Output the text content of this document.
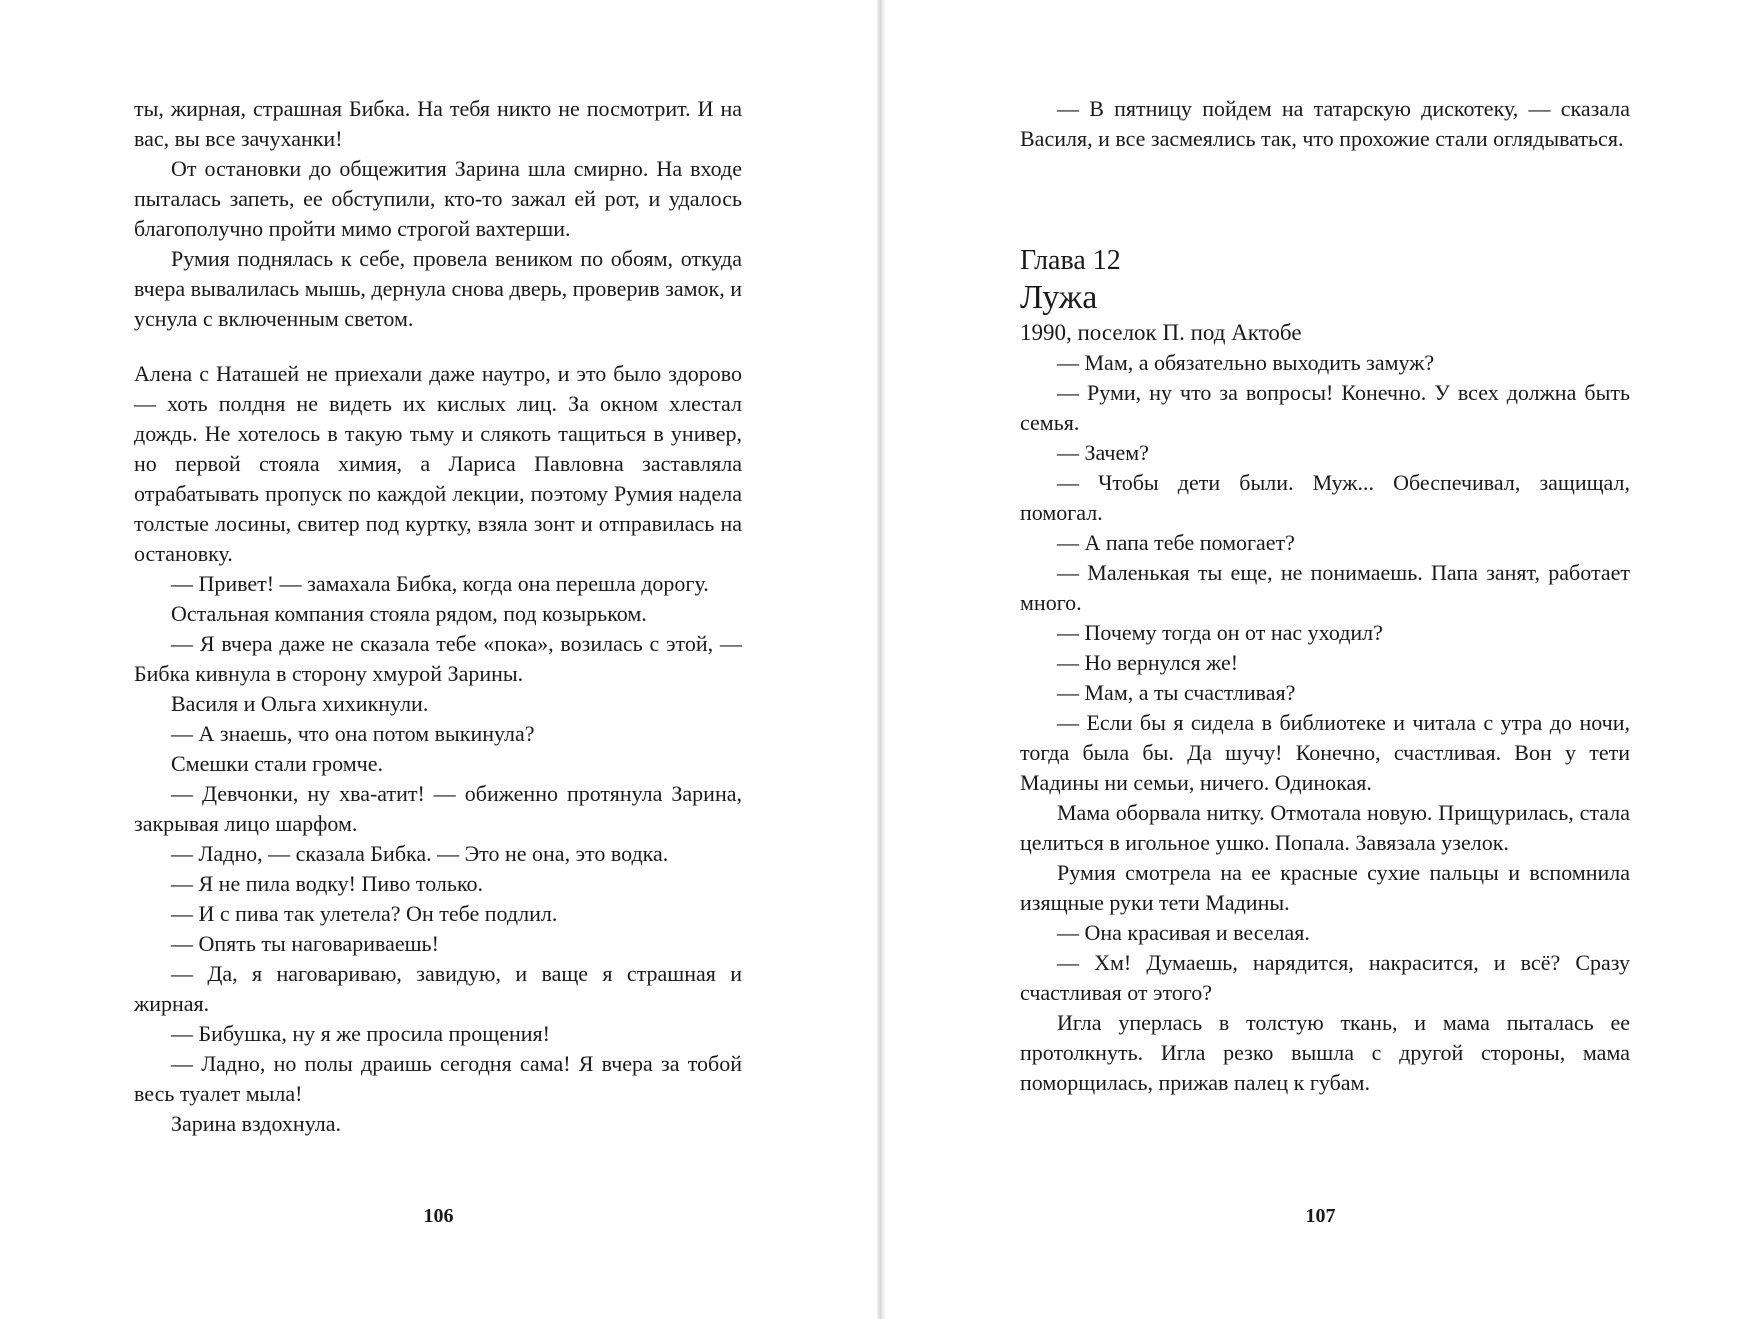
ты, жирная, страшная Бибка. На тебя никто не посмотрит. И на вас, вы все зачуханки!

От остановки до общежития Зарина шла смирно. На входе пыталась запеть, ее обступили, кто-то зажал ей рот, и удалось благополучно пройти мимо строгой вахтерши.

Румия поднялась к себе, провела веником по обоям, откуда вчера вывалилась мышь, дернула снова дверь, проверив замок, и уснула с включенным светом.

Алена с Наташей не приехали даже наутро, и это было здорово — хоть полдня не видеть их кислых лиц. За окном хлестал дождь. Не хотелось в такую тьму и слякоть тащиться в универ, но первой стояла химия, а Лариса Павловна заставляла отрабатывать пропуск по каждой лекции, поэтому Румия надела толстые лосины, свитер под куртку, взяла зонт и отправилась на остановку.

— Привет! — замахала Бибка, когда она перешла дорогу.

Остальная компания стояла рядом, под козырьком.

— Я вчера даже не сказала тебе «пока», возилась с этой, — Бибка кивнула в сторону хмурой Зарины.

Василя и Ольга хихикнули.

— А знаешь, что она потом выкинула?

Смешки стали громче.

— Девчонки, ну хва-атит! — обиженно протянула Зарина, закрывая лицо шарфом.

— Ладно, — сказала Бибка. — Это не она, это водка.

— Я не пила водку! Пиво только.

— И с пива так улетела? Он тебе подлил.

— Опять ты наговариваешь!

— Да, я наговариваю, завидую, и ваще я страшная и жирная.

— Бибушка, ну я же просила прощения!

— Ладно, но полы драишь сегодня сама! Я вчера за тобой весь туалет мыла!

Зарина вздохнула.

106

— В пятницу пойдем на татарскую дискотеку, — сказала Василя, и все засмеялись так, что прохожие стали оглядываться.

Глава 12

Лужа

1990, поселок П. под Актобе

— Мам, а обязательно выходить замуж?

— Руми, ну что за вопросы! Конечно. У всех должна быть семья.

— Зачем?

— Чтобы дети были. Муж... Обеспечивал, защищал, помогал.

— А папа тебе помогает?

— Маленькая ты еще, не понимаешь. Папа занят, работает много.

— Почему тогда он от нас уходил?

— Но вернулся же!

— Мам, а ты счастливая?

— Если бы я сидела в библиотеке и читала с утра до ночи, тогда была бы. Да шучу! Конечно, счастливая. Вон у тети Мадины ни семьи, ничего. Одинокая.

Мама оборвала нитку. Отмотала новую. Прищурилась, стала целиться в игольное ушко. Попала. Завязала узелок.

Румия смотрела на ее красные сухие пальцы и вспомнила изящные руки тети Мадины.

— Она красивая и веселая.

— Хм! Думаешь, нарядится, накрасится, и всё? Сразу счастливая от этого?

Игла уперлась в толстую ткань, и мама пыталась ее протолкнуть. Игла резко вышла с другой стороны, мама поморщилась, прижав палец к губам.

107
